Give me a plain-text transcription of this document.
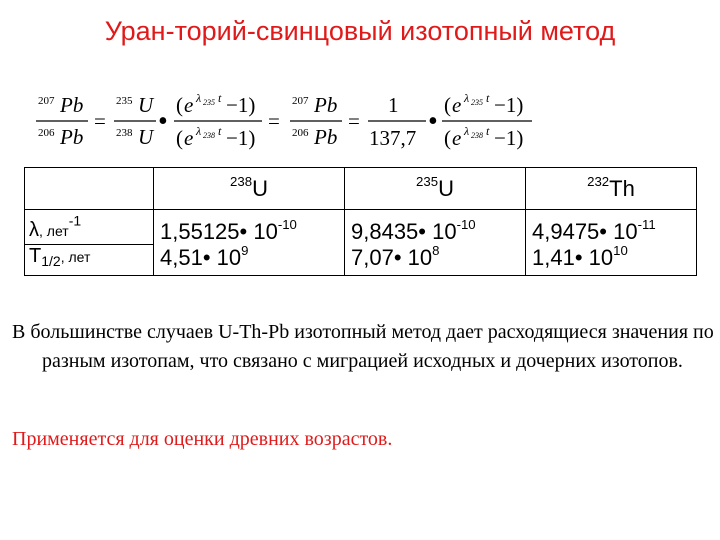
Уран-торий-свинцовый изотопный метод
207 Pb
206 Pb
=
235 U
238 U •
( e λ 235 t −1)
( e λ 238 t −1)
=
207 Pb
206 Pb
=
1
137,7
•
( e λ 235 t −1)
( e λ 238 t −1)
	$^{238}$U	$^{235}$U	$^{232}$Th
λ, лет$^{-1}$	1,55125• $10^{-10}$	9,8435• $10^{-10}$	4,9475• $10^{-11}$
$T_{1/2}$, лет	4,51• $10^9$	7,07• $10^8$	1,41• $10^{10}$
В большинстве случаев U-Th-Pb изотопный метод дает расходящиеся значения по разным изотопам, что связано с миграцией исходных и дочерних изотопов.
Применяется для оценки древних возрастов.
